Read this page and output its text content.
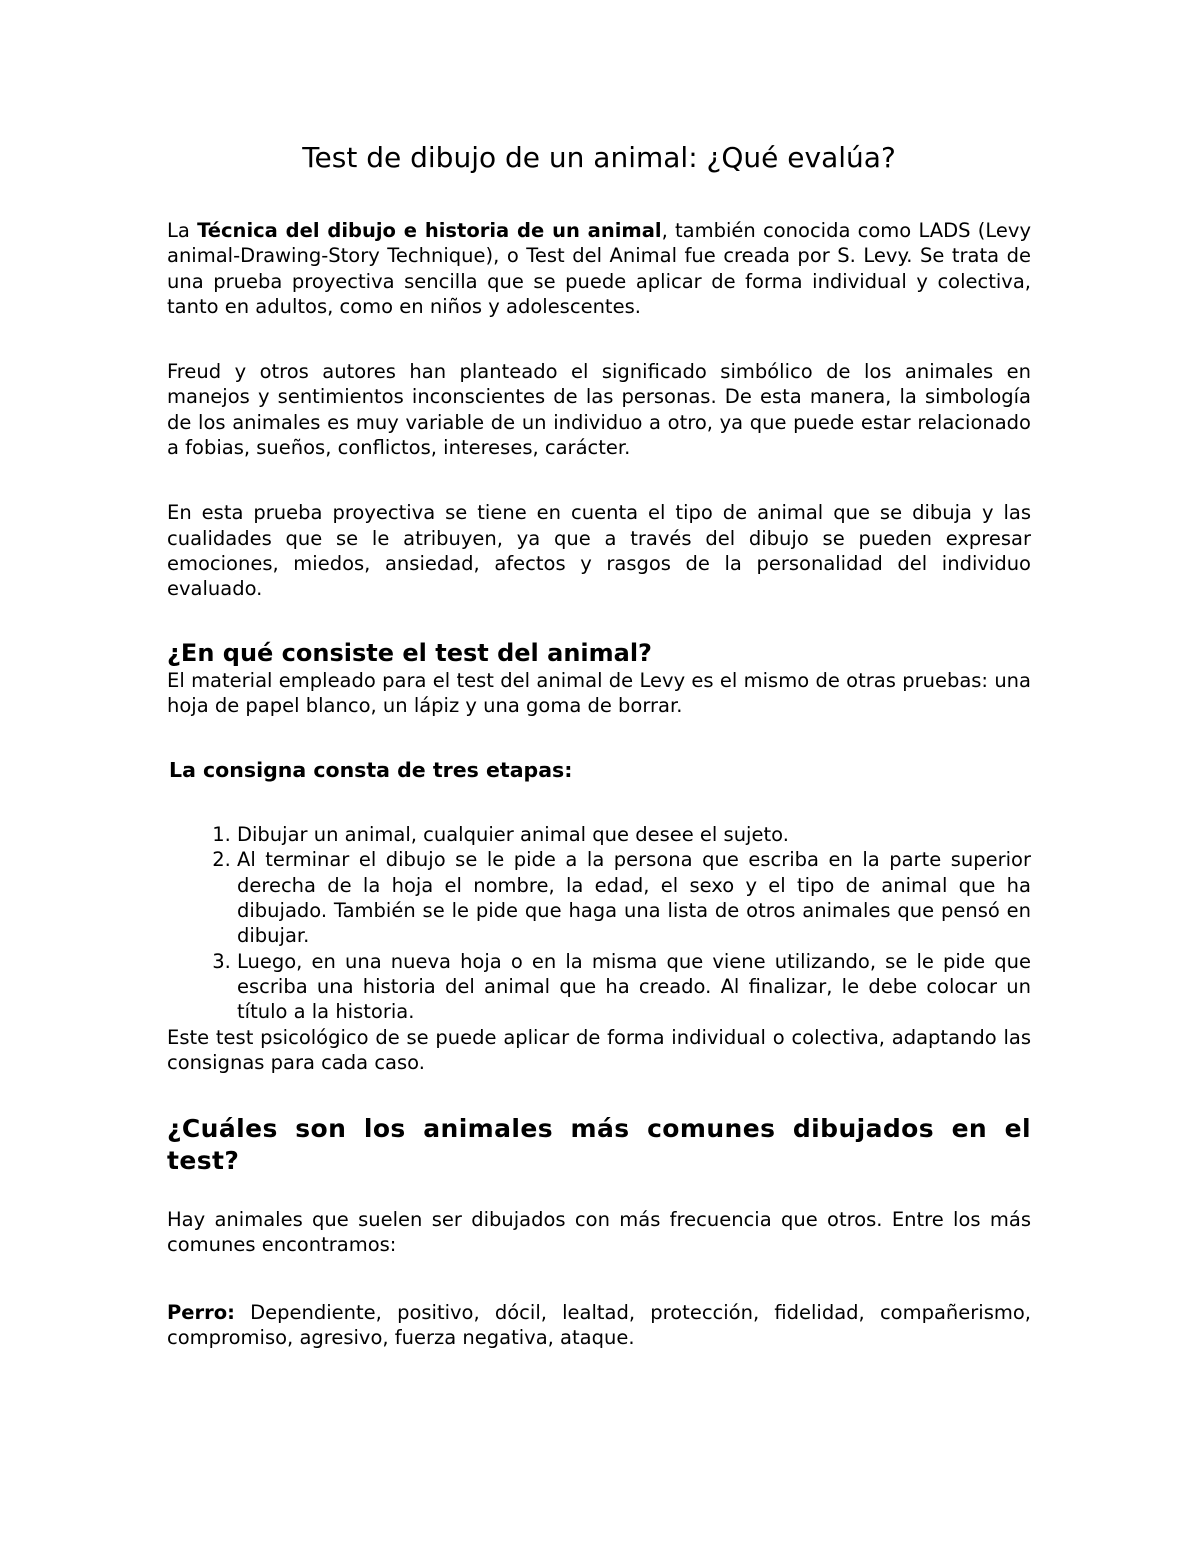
Test de dibujo de un animal: ¿Qué evalúa?

La Técnica del dibujo e historia de un animal, también conocida como LADS (Levy animal-Drawing-Story Technique), o Test del Animal fue creada por S. Levy. Se trata de una prueba proyectiva sencilla que se puede aplicar de forma individual y colectiva, tanto en adultos, como en niños y adolescentes.

Freud y otros autores han planteado el significado simbólico de los animales en manejos y sentimientos inconscientes de las personas. De esta manera, la simbología de los animales es muy variable de un individuo a otro, ya que puede estar relacionado a fobias, sueños, conflictos, intereses, carácter.

En esta prueba proyectiva se tiene en cuenta el tipo de animal que se dibuja y las cualidades que se le atribuyen, ya que a través del dibujo se pueden expresar emociones, miedos, ansiedad, afectos y rasgos de la personalidad del individuo evaluado.

¿En qué consiste el test del animal?

El material empleado para el test del animal de Levy es el mismo de otras pruebas: una hoja de papel blanco, un lápiz y una goma de borrar.

La consigna consta de tres etapas:
1. Dibujar un animal, cualquier animal que desee el sujeto.
2. Al terminar el dibujo se le pide a la persona que escriba en la parte superior derecha de la hoja el nombre, la edad, el sexo y el tipo de animal que ha dibujado. También se le pide que haga una lista de otros animales que pensó en dibujar.
3. Luego, en una nueva hoja o en la misma que viene utilizando, se le pide que escriba una historia del animal que ha creado. Al finalizar, le debe colocar un título a la historia.

Este test psicológico de se puede aplicar de forma individual o colectiva, adaptando las consignas para cada caso.

¿Cuáles son los animales más comunes dibujados en el test?

Hay animales que suelen ser dibujados con más frecuencia que otros. Entre los más comunes encontramos:

Perro: Dependiente, positivo, dócil, lealtad, protección, fidelidad, compañerismo, compromiso, agresivo, fuerza negativa, ataque.
